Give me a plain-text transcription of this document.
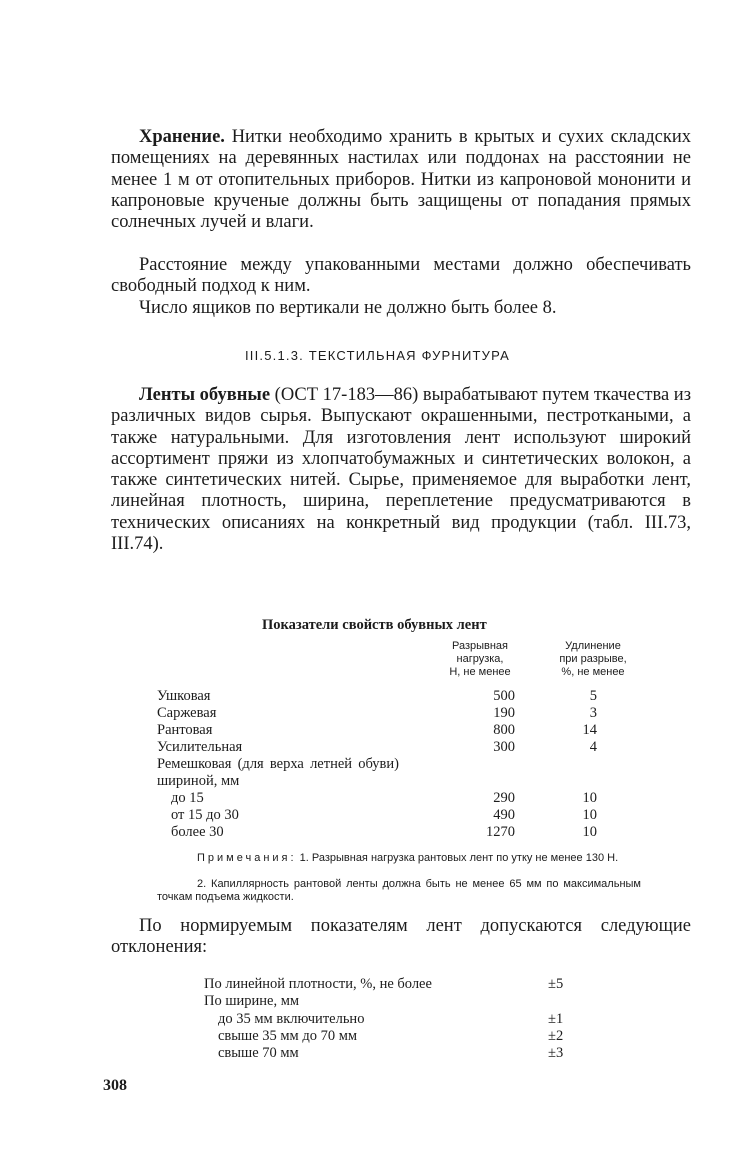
Хранение. Нитки необходимо хранить в крытых и сухих складских помещениях на деревянных настилах или поддонах на расстоянии не менее 1 м от отопительных приборов. Нитки из капроновой мононити и капроновые крученые должны быть защищены от попадания прямых солнечных лучей и влаги.

Расстояние между упакованными местами должно обеспечивать свободный подход к ним.

Число ящиков по вертикали не должно быть более 8.

III.5.1.3. ТЕКСТИЛЬНАЯ ФУРНИТУРА

Ленты обувные (ОСТ 17-183—86) вырабатывают путем ткачества из различных видов сырья. Выпускают окрашенными, пестроткаными, а также натуральными. Для изготовления лент используют широкий ассортимент пряжи из хлопчатобумажных и синтетических волокон, а также синтетических нитей. Сырье, применяемое для выработки лент, линейная плотность, ширина, переплетение предусматриваются в технических описаниях на конкретный вид продукции (табл. III.73, III.74).

Показатели свойств обувных лент

Разрывная
нагрузка,
Н, не менее

Удлинение
при разрыве,
%, не менее

Ушковая	500	5
Саржевая	190	3
Рантовая	800	14
Усилительная	300	4

Ремешковая (для верха летней обуви) шириной, мм

до 15	290	10
от 15 до 30	490	10
более 30	1270	10

Примечания: 1. Разрывная нагрузка рантовых лент по утку не менее 130 Н.

2. Капиллярность рантовой ленты должна быть не менее 65 мм по максимальным точкам подъема жидкости.

По нормируемым показателям лент допускаются следующие отклонения:

По линейной плотности, %, не более	±5
По ширине, мм
до 35 мм включительно	±1
свыше 35 мм до 70 мм	±2
свыше 70 мм	±3

308
